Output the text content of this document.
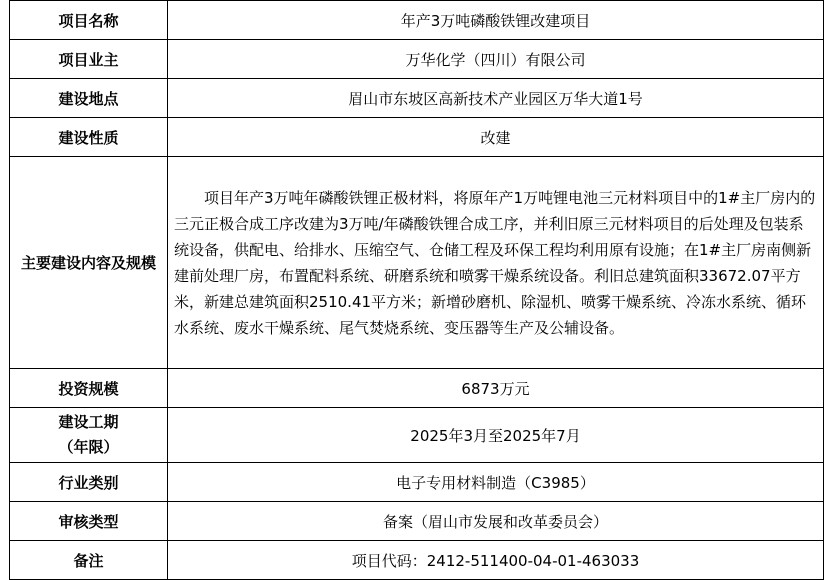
项目名称	年产3万吨磷酸铁锂改建项目
项目业主	万华化学（四川）有限公司
建设地点	眉山市东坡区高新技术产业园区万华大道1号
建设性质	改建
主要建设内容及规模	项目年产3万吨年磷酸铁锂正极材料，将原年产1万吨锂电池三元材料项目中的1#主厂房内的三元正极合成工序改建为3万吨/年磷酸铁锂合成工序，并利旧原三元材料项目的后处理及包装系统设备，供配电、给排水、压缩空气、仓储工程及环保工程均利用原有设施；在1#主厂房南侧新建前处理厂房，布置配料系统、研磨系统和喷雾干燥系统设备。利旧总建筑面积33672.07平方米，新建总建筑面积2510.41平方米；新增砂磨机、除湿机、喷雾干燥系统、冷冻水系统、循环水系统、废水干燥系统、尾气焚烧系统、变压器等生产及公辅设备。
投资规模	6873万元

建设工期
（年限）	2025年3月至2025年7月
行业类别	电子专用材料制造（C3985）
审核类型	备案（眉山市发展和改革委员会）
备注	项目代码：2412-511400-04-01-463033
